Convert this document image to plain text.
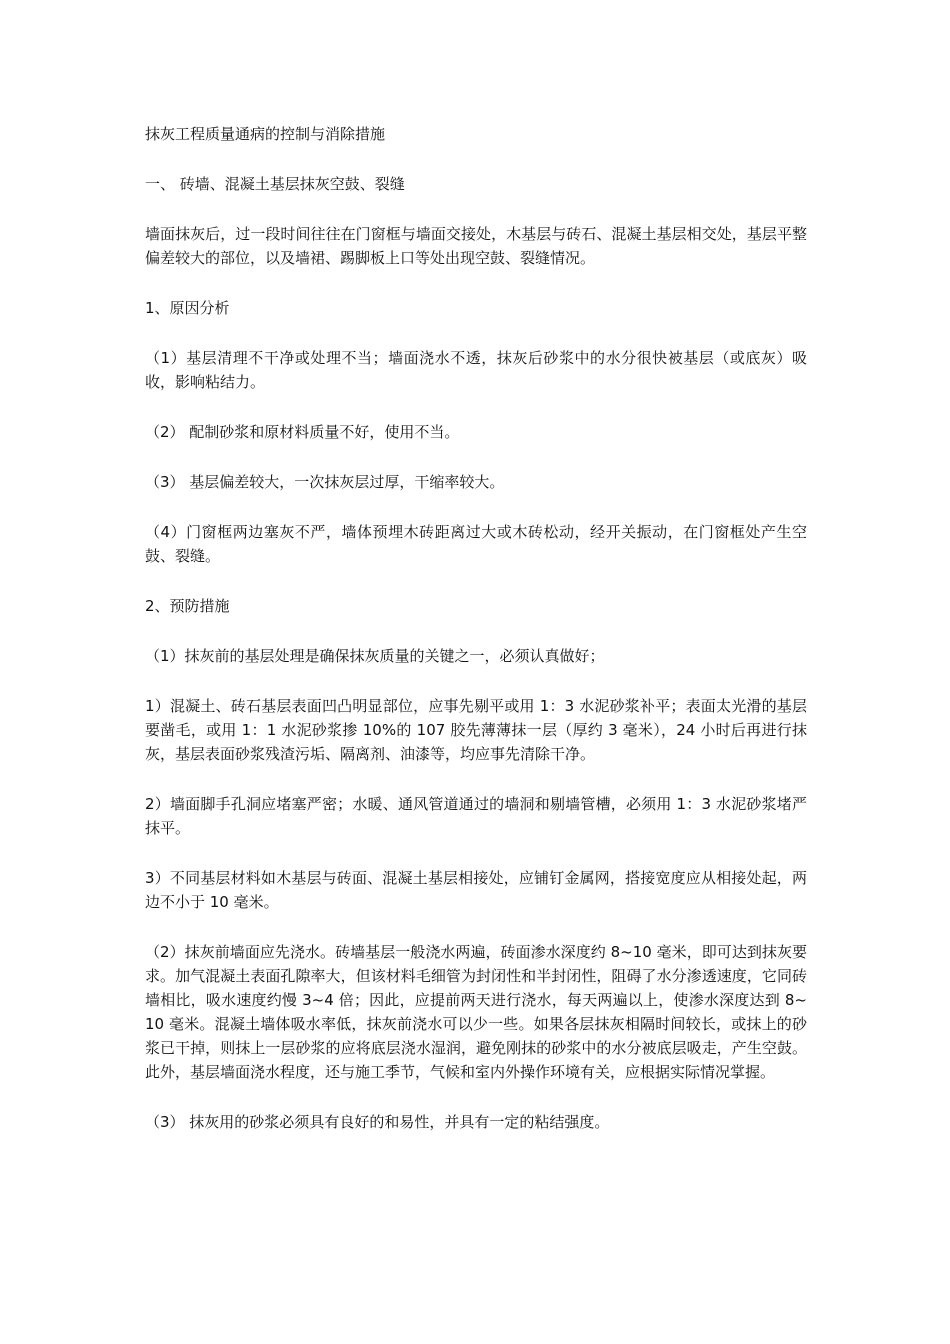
抹灰工程质量通病的控制与消除措施

一、 砖墙、混凝土基层抹灰空鼓、裂缝

墙面抹灰后，过一段时间往往在门窗框与墙面交接处，木基层与砖石、混凝土基层相交处，基层平整偏差较大的部位，以及墙裙、踢脚板上口等处出现空鼓、裂缝情况。

1、原因分析

（1）基层清理不干净或处理不当；墙面浇水不透，抹灰后砂浆中的水分很快被基层（或底灰）吸收，影响粘结力。

（2） 配制砂浆和原材料质量不好，使用不当。

（3） 基层偏差较大，一次抹灰层过厚，干缩率较大。

（4）门窗框两边塞灰不严，墙体预埋木砖距离过大或木砖松动，经开关振动，在门窗框处产生空鼓、裂缝。

2、预防措施

（1）抹灰前的基层处理是确保抹灰质量的关键之一，必须认真做好；

1）混凝土、砖石基层表面凹凸明显部位，应事先剔平或用 1：3 水泥砂浆补平；表面太光滑的基层要凿毛，或用 1：1 水泥砂浆掺 10%的 107 胶先薄薄抹一层（厚约 3 毫米），24 小时后再进行抹灰，基层表面砂浆残渣污垢、隔离剂、油漆等，均应事先清除干净。

2）墙面脚手孔洞应堵塞严密；水暖、通风管道通过的墙洞和剔墙管槽，必须用 1：3 水泥砂浆堵严抹平。

3）不同基层材料如木基层与砖面、混凝土基层相接处，应铺钉金属网，搭接宽度应从相接处起，两边不小于 10 毫米。

（2）抹灰前墙面应先浇水。砖墙基层一般浇水两遍，砖面渗水深度约 8~10 毫米，即可达到抹灰要求。加气混凝土表面孔隙率大，但该材料毛细管为封闭性和半封闭性，阻碍了水分渗透速度，它同砖墙相比，吸水速度约慢 3~4 倍；因此，应提前两天进行浇水，每天两遍以上，使渗水深度达到 8~10 毫米。混凝土墙体吸水率低，抹灰前浇水可以少一些。如果各层抹灰相隔时间较长，或抹上的砂浆已干掉，则抹上一层砂浆的应将底层浇水湿润，避免刚抹的砂浆中的水分被底层吸走，产生空鼓。此外，基层墙面浇水程度，还与施工季节，气候和室内外操作环境有关，应根据实际情况掌握。

（3） 抹灰用的砂浆必须具有良好的和易性，并具有一定的粘结强度。
